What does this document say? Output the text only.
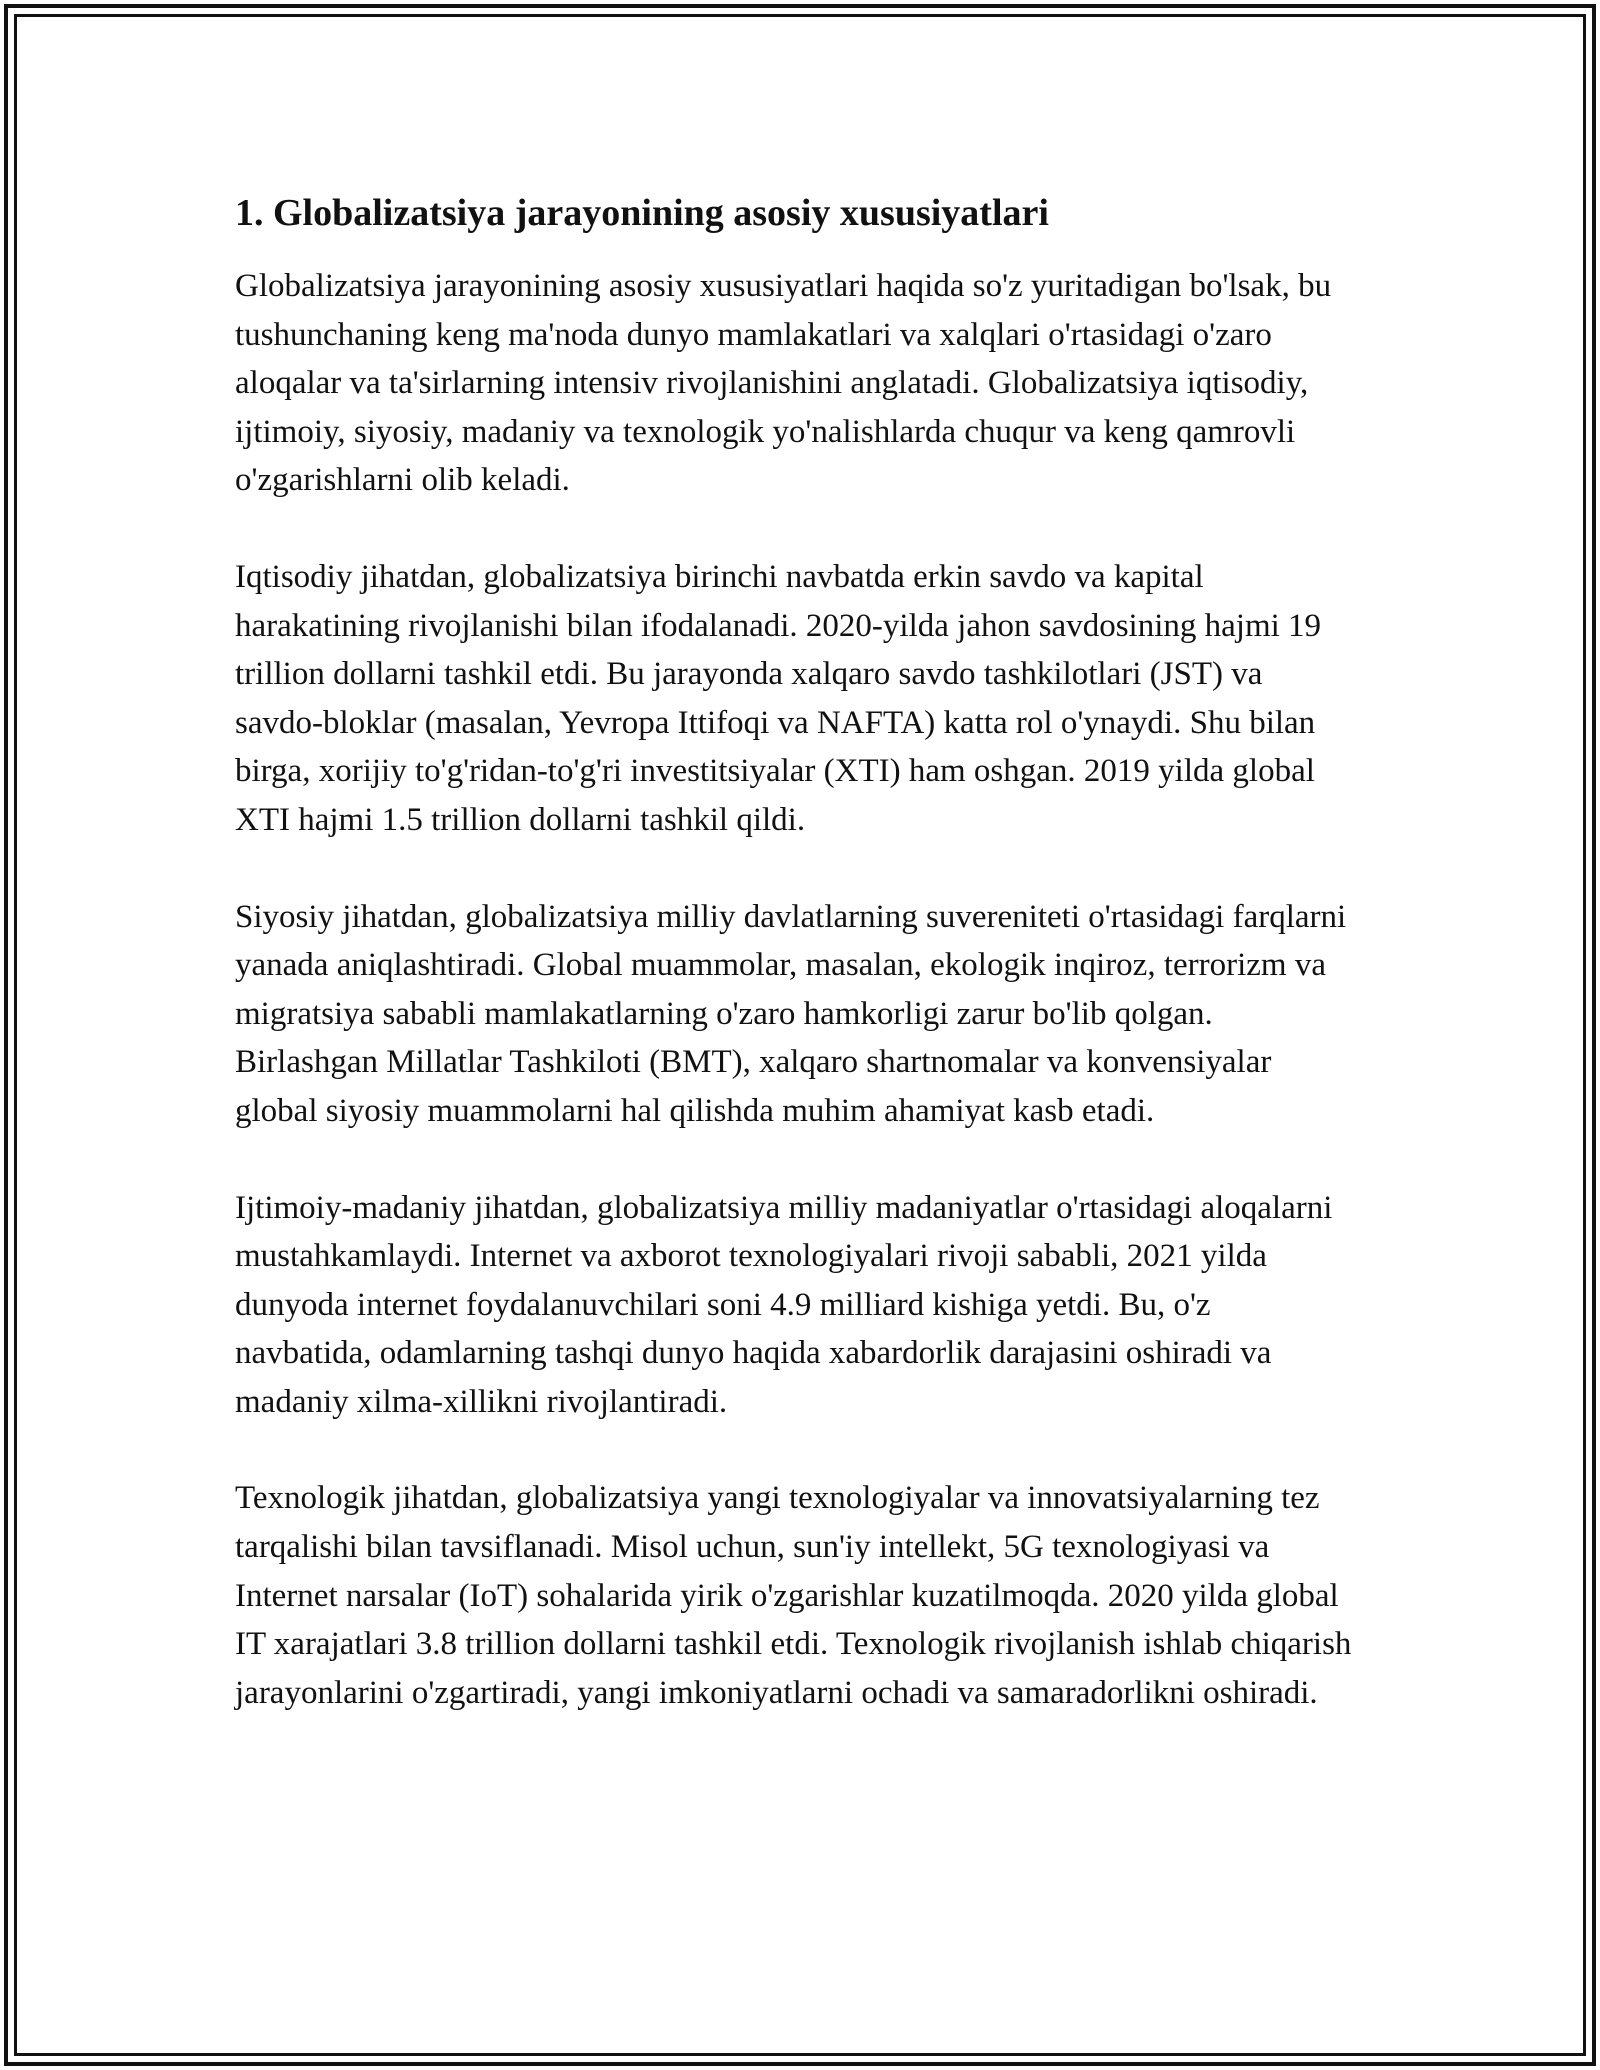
1. Globalizatsiya jarayonining asosiy xususiyatlari

Globalizatsiya jarayonining asosiy xususiyatlari haqida so'z yuritadigan bo'lsak, bu tushunchaning keng ma'noda dunyo mamlakatlari va xalqlari o'rtasidagi o'zaro aloqalar va ta'sirlarning intensiv rivojlanishini anglatadi. Globalizatsiya iqtisodiy, ijtimoiy, siyosiy, madaniy va texnologik yo'nalishlarda chuqur va keng qamrovli o'zgarishlarni olib keladi.

Iqtisodiy jihatdan, globalizatsiya birinchi navbatda erkin savdo va kapital harakatining rivojlanishi bilan ifodalanadi. 2020-yilda jahon savdosining hajmi 19 trillion dollarni tashkil etdi. Bu jarayonda xalqaro savdo tashkilotlari (JST) va savdo-bloklar (masalan, Yevropa Ittifoqi va NAFTA) katta rol o'ynaydi. Shu bilan birga, xorijiy to'g'ridan-to'g'ri investitsiyalar (XTI) ham oshgan. 2019 yilda global XTI hajmi 1.5 trillion dollarni tashkil qildi.

Siyosiy jihatdan, globalizatsiya milliy davlatlarning suvereniteti o'rtasidagi farqlarni yanada aniqlashtiradi. Global muammolar, masalan, ekologik inqiroz, terrorizm va migratsiya sababli mamlakatlarning o'zaro hamkorligi zarur bo'lib qolgan. Birlashgan Millatlar Tashkiloti (BMT), xalqaro shartnomalar va konvensiyalar global siyosiy muammolarni hal qilishda muhim ahamiyat kasb etadi.

Ijtimoiy-madaniy jihatdan, globalizatsiya milliy madaniyatlar o'rtasidagi aloqalarni mustahkamlaydi. Internet va axborot texnologiyalari rivoji sababli, 2021 yilda dunyoda internet foydalanuvchilari soni 4.9 milliard kishiga yetdi. Bu, o'z navbatida, odamlarning tashqi dunyo haqida xabardorlik darajasini oshiradi va madaniy xilma-xillikni rivojlantiradi.

Texnologik jihatdan, globalizatsiya yangi texnologiyalar va innovatsiyalarning tez tarqalishi bilan tavsiflanadi. Misol uchun, sun'iy intellekt, 5G texnologiyasi va Internet narsalar (IoT) sohalarida yirik o'zgarishlar kuzatilmoqda. 2020 yilda global IT xarajatlari 3.8 trillion dollarni tashkil etdi. Texnologik rivojlanish ishlab chiqarish jarayonlarini o'zgartiradi, yangi imkoniyatlarni ochadi va samaradorlikni oshiradi.
